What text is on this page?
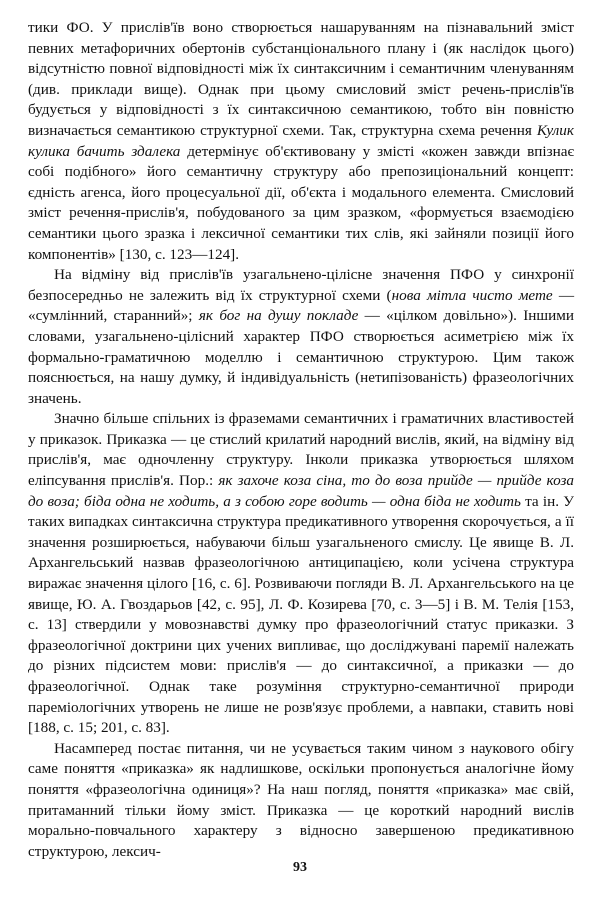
тики ФО. У прислів'їв воно створюється нашаруванням на пізнавальний зміст певних метафоричних обертонів субстанціонального плану і (як наслідок цього) відсутністю повної відповідності між їх синтаксичним і семантичним членуванням (див. приклади вище). Однак при цьому смисловий зміст речень-прислів'їв будується у відповідності з їх синтаксичною семантикою, тобто він повністю визначається семантикою структурної схеми. Так, структурна схема речення Кулик кулика бачить здалека детермінує об'єктивовану у змісті «кожен завжди впізнає собі подібного» його семантичну структуру або препозиціональний концепт: єдність агенса, його процесуальної дії, об'єкта і модального елемента. Смисловий зміст речення-прислів'я, побудованого за цим зразком, «формується взаємодією семантики цього зразка і лексичної семантики тих слів, які зайняли позиції його компонентів» [130, с. 123—124].

На відміну від прислів'їв узагальнено-цілісне значення ПФО у синхронії безпосередньо не залежить від їх структурної схеми (нова мітла чисто мете — «сумлінний, старанний»; як бог на душу покладе — «цілком довільно»). Іншими словами, узагальнено-цілісний характер ПФО створюється асиметрією між їх формально-граматичною моделлю і семантичною структурою. Цим також пояснюється, на нашу думку, й індивідуальність (нетипізованість) фразеологічних значень.

Значно більше спільних із фраземами семантичних і граматичних властивостей у приказок. Приказка — це стислий крилатий народний вислів, який, на відміну від прислів'я, має одночленну структуру. Інколи приказка утворюється шляхом еліпсування прислів'я. Пор.: як захоче коза сіна, то до воза прийде — прийде коза до воза; біда одна не ходить, а з собою горе водить — одна біда не ходить та ін. У таких випадках синтаксична структура предикативного утворення скорочується, а її значення розширюється, набуваючи більш узагальненого смислу. Це явище В. Л. Архангельський назвав фразеологічною антиципацією, коли усічена структура виражає значення цілого [16, с. 6]. Розвиваючи погляди В. Л. Архангельського на це явище, Ю. А. Гвоздарьов [42, с. 95], Л. Ф. Козирева [70, с. 3—5] і В. М. Телія [153, с. 13] ствердили у мовознавстві думку про фразеологічний статус приказки. З фразеологічної доктрини цих учених випливає, що досліджувані паремії належать до різних підсистем мови: прислів'я — до синтаксичної, а приказки — до фразеологічної. Однак таке розуміння структурно-семантичної природи пареміологічних утворень не лише не розв'язує проблеми, а навпаки, ставить нові [188, с. 15; 201, с. 83].

Насамперед постає питання, чи не усувається таким чином з наукового обігу саме поняття «приказка» як надлишкове, оскільки пропонується аналогічне йому поняття «фразеологічна одиниця»? На наш погляд, поняття «приказка» має свій, притаманний тільки йому зміст. Приказка — це короткий народний вислів морально-повчального характеру з відносно завершеною предикативною структурою, лексич-

93
